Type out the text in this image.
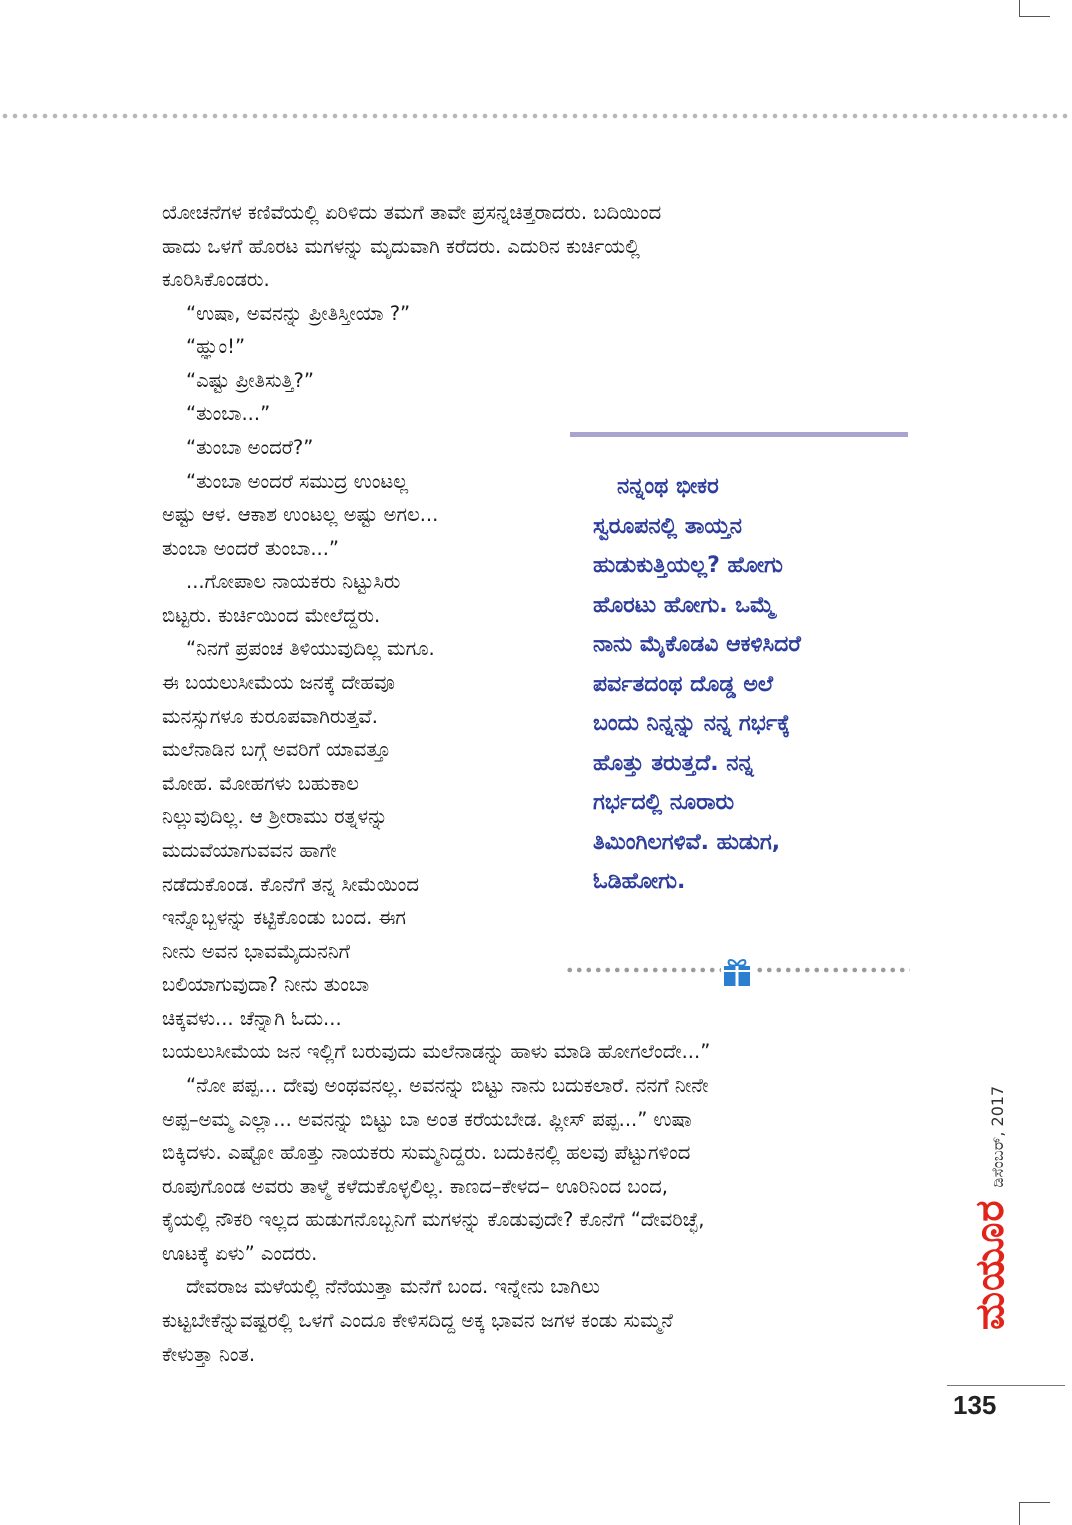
ಯೋಚನೆಗಳ ಕಣಿವೆಯಲ್ಲಿ ಏರಿಳಿದು ತಮಗೆ ತಾವೇ ಪ್ರಸನ್ನಚಿತ್ತರಾದರು. ಬದಿಯಿಂದ
ಹಾದು ಒಳಗೆ ಹೊರಟ ಮಗಳನ್ನು ಮೃದುವಾಗಿ ಕರೆದರು. ಎದುರಿನ ಕುರ್ಚಿಯಲ್ಲಿ
ಕೂರಿಸಿಕೊಂಡರು.
“ಉಷಾ, ಅವನನ್ನು ಪ್ರೀತಿಸ್ತೀಯಾ ?”
“ಹ್ಞುಂ!”
“ಎಷ್ಟು ಪ್ರೀತಿಸುತ್ತಿ?”
“ತುಂಬಾ...”
“ತುಂಬಾ ಅಂದರೆ?”
“ತುಂಬಾ ಅಂದರೆ ಸಮುದ್ರ ಉಂಟಲ್ಲ
ಅಷ್ಟು ಆಳ. ಆಕಾಶ ಉಂಟಲ್ಲ ಅಷ್ಟು ಅಗಲ...
ತುಂಬಾ ಅಂದರೆ ತುಂಬಾ...”
...ಗೋಪಾಲ ನಾಯಕರು ನಿಟ್ಟುಸಿರು
ಬಿಟ್ಟರು. ಕುರ್ಚಿಯಿಂದ ಮೇಲೆದ್ದರು.
“ನಿನಗೆ ಪ್ರಪಂಚ ತಿಳಿಯುವುದಿಲ್ಲ ಮಗೂ.
ಈ ಬಯಲುಸೀಮೆಯ ಜನಕ್ಕೆ ದೇಹವೂ
ಮನಸ್ಸುಗಳೂ ಕುರೂಪವಾಗಿರುತ್ತವೆ.
ಮಲೆನಾಡಿನ ಬಗ್ಗೆ ಅವರಿಗೆ ಯಾವತ್ತೂ
ಮೋಹ. ಮೋಹಗಳು ಬಹುಕಾಲ
ನಿಲ್ಲುವುದಿಲ್ಲ. ಆ ಶ್ರೀರಾಮು ರತ್ನಳನ್ನು
ಮದುವೆಯಾಗುವವನ ಹಾಗೇ
ನಡೆದುಕೊಂಡ. ಕೊನೆಗೆ ತನ್ನ ಸೀಮೆಯಿಂದ
ಇನ್ನೊಬ್ಬಳನ್ನು ಕಟ್ಟಿಕೊಂಡು ಬಂದ. ಈಗ
ನೀನು ಅವನ ಭಾವಮೈದುನನಿಗೆ
ಬಲಿಯಾಗುವುದಾ? ನೀನು ತುಂಬಾ
ಚಿಕ್ಕವಳು... ಚೆನ್ನಾಗಿ ಓದು...
ಬಯಲುಸೀಮೆಯ ಜನ ಇಲ್ಲಿಗೆ ಬರುವುದು ಮಲೆನಾಡನ್ನು ಹಾಳು ಮಾಡಿ ಹೋಗಲೆಂದೇ...”
“ನೋ ಪಪ್ಪ... ದೇವು ಅಂಥವನಲ್ಲ. ಅವನನ್ನು ಬಿಟ್ಟು ನಾನು ಬದುಕಲಾರೆ. ನನಗೆ ನೀನೇ
ಅಪ್ಪ–ಅಮ್ಮ ಎಲ್ಲಾ... ಅವನನ್ನು ಬಿಟ್ಟು ಬಾ ಅಂತ ಕರೆಯಬೇಡ. ಪ್ಲೀಸ್ ಪಪ್ಪ...” ಉಷಾ
ಬಿಕ್ಕಿದಳು. ಎಷ್ಟೋ ಹೊತ್ತು ನಾಯಕರು ಸುಮ್ಮನಿದ್ದರು. ಬದುಕಿನಲ್ಲಿ ಹಲವು ಪೆಟ್ಟುಗಳಿಂದ
ರೂಪುಗೊಂಡ ಅವರು ತಾಳ್ಮೆ ಕಳೆದುಕೊಳ್ಳಲಿಲ್ಲ. ಕಾಣದ–ಕೇಳದ– ಊರಿನಿಂದ ಬಂದ,
ಕೈಯಲ್ಲಿ ನೌಕರಿ ಇಲ್ಲದ ಹುಡುಗನೊಬ್ಬನಿಗೆ ಮಗಳನ್ನು ಕೊಡುವುದೇ? ಕೊನೆಗೆ “ದೇವರಿಚ್ಛೆ,
ಊಟಕ್ಕೆ ಏಳು” ಎಂದರು.
ದೇವರಾಜ ಮಳೆಯಲ್ಲಿ ನೆನೆಯುತ್ತಾ ಮನೆಗೆ ಬಂದ. ಇನ್ನೇನು ಬಾಗಿಲು
ಕುಟ್ಟಬೇಕೆನ್ನುವಷ್ಟರಲ್ಲಿ ಒಳಗೆ ಎಂದೂ ಕೇಳಿಸದಿದ್ದ ಅಕ್ಕ ಭಾವನ ಜಗಳ ಕಂಡು ಸುಮ್ಮನೆ
ಕೇಳುತ್ತಾ ನಿಂತ.
ನನ್ನಂಥ ಭೀಕರ
ಸ್ವರೂಪನಲ್ಲಿ ತಾಯ್ತನ
ಹುಡುಕುತ್ತಿಯಲ್ಲ? ಹೋಗು
ಹೊರಟು ಹೋಗು. ಒಮ್ಮೆ
ನಾನು ಮೈಕೊಡವಿ ಆಕಳಿಸಿದರೆ
ಪರ್ವತದಂಥ ದೊಡ್ಡ ಅಲೆ
ಬಂದು ನಿನ್ನನ್ನು ನನ್ನ ಗರ್ಭಕ್ಕೆ
ಹೊತ್ತು ತರುತ್ತದೆ. ನನ್ನ
ಗರ್ಭದಲ್ಲಿ ನೂರಾರು
ತಿಮಿಂಗಿಲಗಳಿವೆ. ಹುಡುಗ,
ಓಡಿಹೋಗು.
ಮಯೂರ
ಡಿಸೆಂಬರ್, 2017
135
